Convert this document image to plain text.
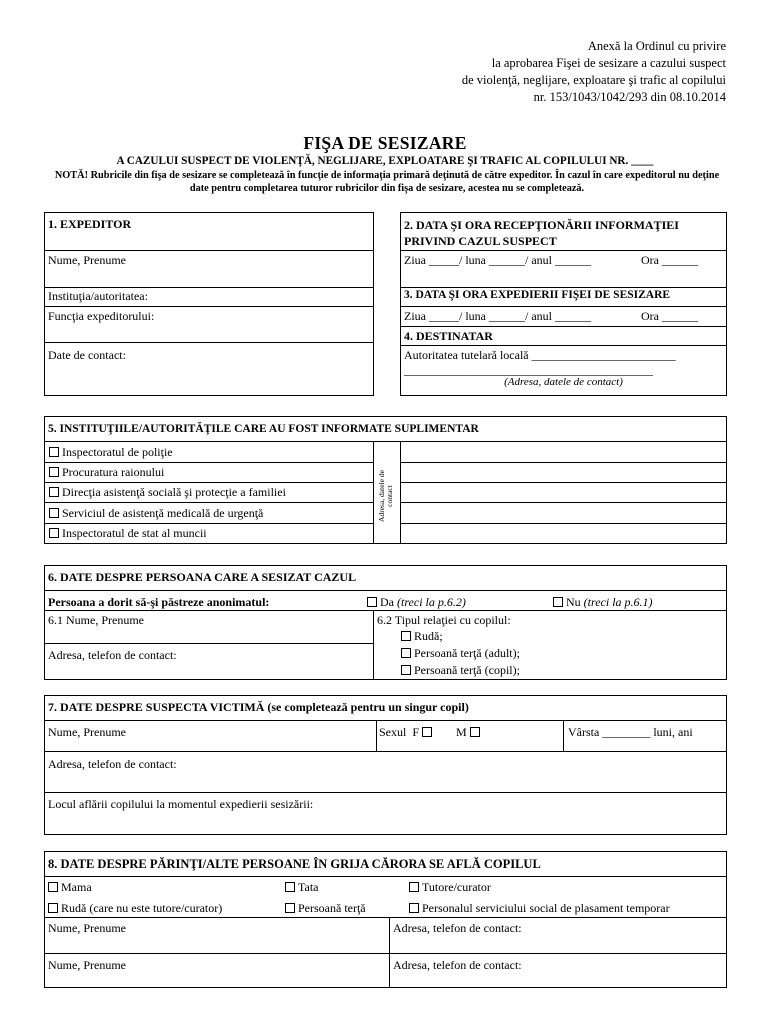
Anexă la Ordinul cu privire
la aprobarea Fişei de sesizare a cazului suspect
de violenţă, neglijare, exploatare şi trafic al copilului
nr. 153/1043/1042/293 din 08.10.2014
FIŞA DE SESIZARE
A CAZULUI SUSPECT DE VIOLENŢĂ, NEGLIJARE, EXPLOATARE ŞI TRAFIC AL COPILULUI NR. ____
NOTĂ! Rubricile din fişa de sesizare se completează în funcţie de informaţia primară deţinută de către expeditor. În cazul în care expeditorul nu deţine date pentru completarea tuturor rubricilor din fişa de sesizare, acestea nu se completează.
1. EXPEDITOR
Nume, Prenume
Instituţia/autoritatea:
Funcţia expeditorului:
Date de contact:
2. DATA ŞI ORA RECEPŢIONĂRII INFORMAŢIEI PRIVIND CAZUL SUSPECT
Ziua _____/ luna ______/ anul ______	Ora ______
3. DATA ŞI ORA EXPEDIERII FIŞEI DE SESIZARE
Ziua _____/ luna ______/ anul ______	Ora ______
4. DESTINATAR
Autoritatea tutelară locală ________________________
______________________________________________
(Adresa, datele de contact)
5. INSTITUŢIILE/AUTORITĂŢILE CARE AU FOST INFORMATE SUPLIMENTAR
Inspectoratul de poliţie
Procuratura raionului
Direcţia asistenţă socială şi protecţie a familiei
Serviciul de asistenţă medicală de urgenţă
Inspectoratul de stat al muncii
Adresa, datele de contact
6. DATE DESPRE PERSOANA CARE A SESIZAT CAZUL
Persoana a dorit să-şi păstreze anonimatul:	Da (treci la p.6.2)	Nu (treci la p.6.1)
6.1 Nume, Prenume
Adresa, telefon de contact:
6.2 Tipul relaţiei cu copilul:
Rudă;
Persoană terţă (adult);
Persoană terţă (copil);
7. DATE DESPRE SUSPECTA VICTIMĂ (se completează pentru un singur copil)
Nume, Prenume	Sexul F	M	Vârsta ________ luni, ani
Adresa, telefon de contact:
Locul aflării copilului la momentul expedierii sesizării:
8. DATE DESPRE PĂRINŢI/ALTE PERSOANE ÎN GRIJA CĂRORA SE AFLĂ COPILUL
Mama	Tata	Tutore/curator
Rudă (care nu este tutore/curator)	Persoană terţă	Personalul serviciului social de plasament temporar
Nume, Prenume	Adresa, telefon de contact:
Nume, Prenume	Adresa, telefon de contact:
